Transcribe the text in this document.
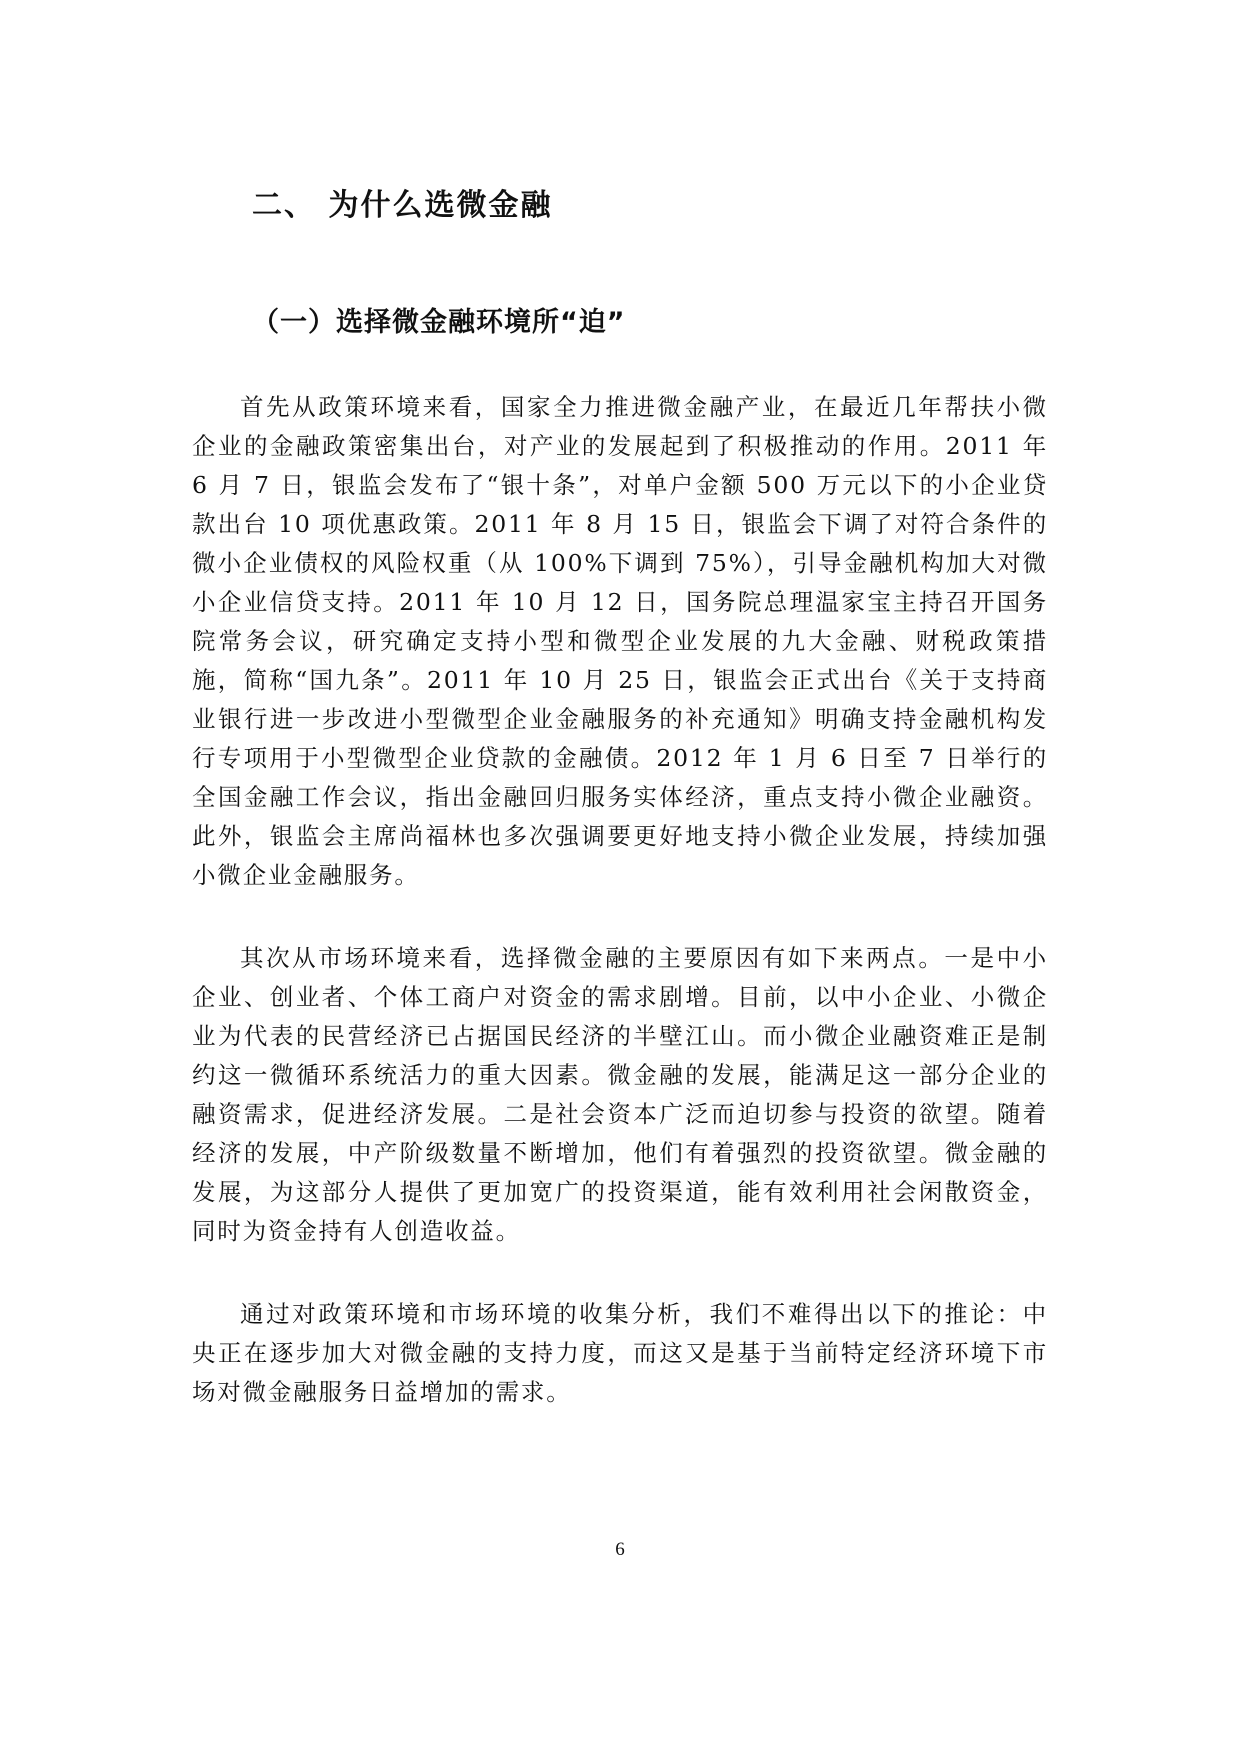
二、 为什么选微金融
（一）选择微金融环境所“迫”

首先从政策环境来看，国家全力推进微金融产业，在最近几年帮扶小微企业的金融政策密集出台，对产业的发展起到了积极推动的作用。2011 年 6 月 7 日，银监会发布了“银十条”，对单户金额 500 万元以下的小企业贷款出台 10 项优惠政策。2011 年 8 月 15 日，银监会下调了对符合条件的微小企业债权的风险权重（从 100%下调到 75%），引导金融机构加大对微小企业信贷支持。2011 年 10 月 12 日，国务院总理温家宝主持召开国务院常务会议，研究确定支持小型和微型企业发展的九大金融、财税政策措施，简称“国九条”。2011 年 10 月 25 日，银监会正式出台《关于支持商业银行进一步改进小型微型企业金融服务的补充通知》明确支持金融机构发行专项用于小型微型企业贷款的金融债。2012 年 1 月 6 日至 7 日举行的全国金融工作会议，指出金融回归服务实体经济，重点支持小微企业融资。此外，银监会主席尚福林也多次强调要更好地支持小微企业发展，持续加强小微企业金融服务。

其次从市场环境来看，选择微金融的主要原因有如下来两点。一是中小企业、创业者、个体工商户对资金的需求剧增。目前，以中小企业、小微企业为代表的民营经济已占据国民经济的半壁江山。而小微企业融资难正是制约这一微循环系统活力的重大因素。微金融的发展，能满足这一部分企业的融资需求，促进经济发展。二是社会资本广泛而迫切参与投资的欲望。随着经济的发展，中产阶级数量不断增加，他们有着强烈的投资欲望。微金融的发展，为这部分人提供了更加宽广的投资渠道，能有效利用社会闲散资金，同时为资金持有人创造收益。

通过对政策环境和市场环境的收集分析，我们不难得出以下的推论：中央正在逐步加大对微金融的支持力度，而这又是基于当前特定经济环境下市场对微金融服务日益增加的需求。

6
